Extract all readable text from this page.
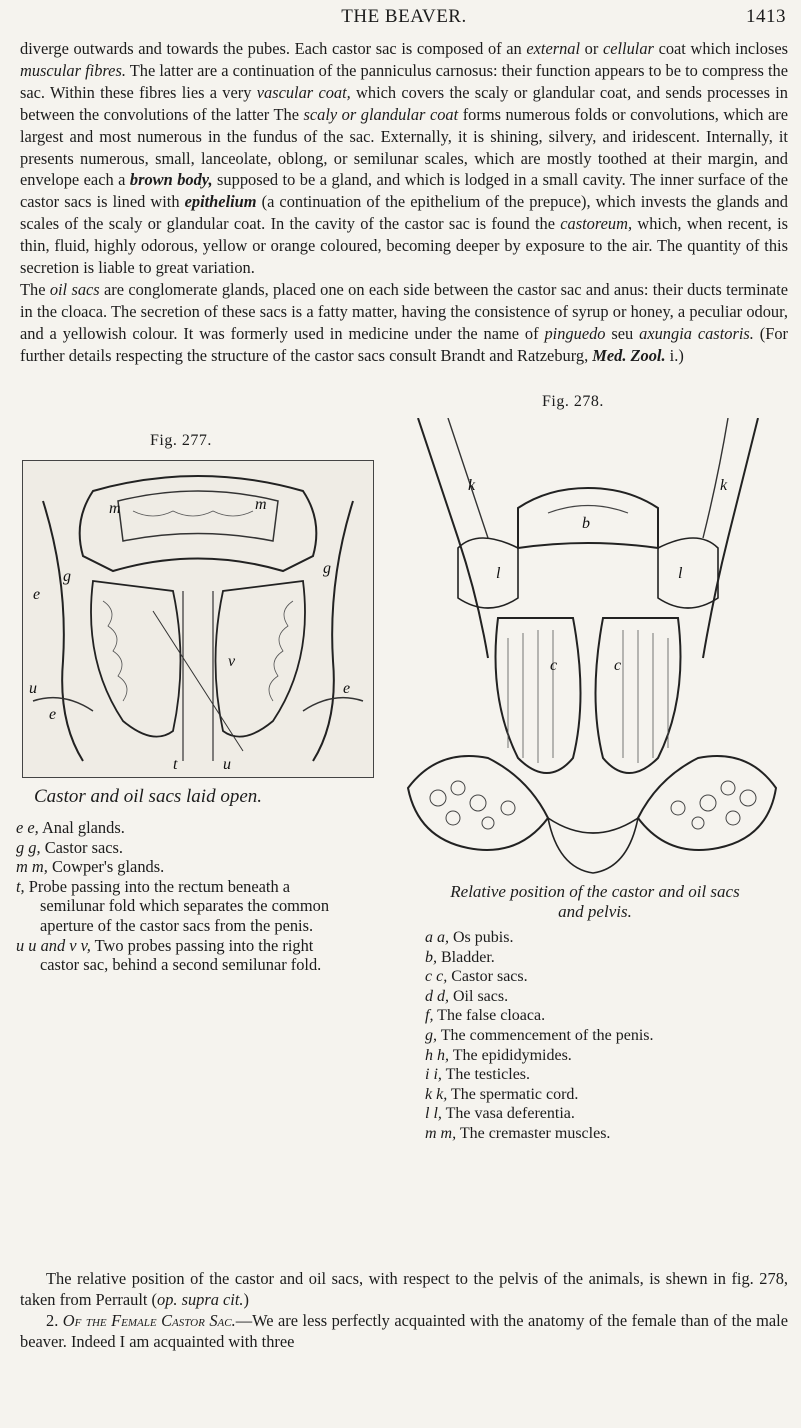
THE BEAVER.	1413

diverge outwards and towards the pubes. Each castor sac is composed of an external or cellular coat which incloses muscular fibres. The latter are a continuation of the panniculus carnosus: their function appears to be to compress the sac. Within these fibres lies a very vascular coat, which covers the scaly or glandular coat, and sends processes in between the convolutions of the latter The scaly or glandular coat forms numerous folds or convolutions, which are largest and most numerous in the fundus of the sac. Externally, it is shining, silvery, and iridescent. Internally, it presents numerous, small, lanceolate, oblong, or semilunar scales, which are mostly toothed at their margin, and envelope each a brown body, supposed to be a gland, and which is lodged in a small cavity. The inner surface of the castor sacs is lined with epithelium (a continuation of the epithelium of the prepuce), which invests the glands and scales of the scaly or glandular coat. In the cavity of the castor sac is found the castoreum, which, when recent, is thin, fluid, highly odorous, yellow or orange coloured, becoming deeper by exposure to the air. The quantity of this secretion is liable to great variation.

The oil sacs are conglomerate glands, placed one on each side between the castor sac and anus: their ducts terminate in the cloaca. The secretion of these sacs is a fatty matter, having the consistence of syrup or honey, a peculiar odour, and a yellowish colour. It was formerly used in medicine under the name of pinguedo seu axungia castoris. (For further details respecting the structure of the castor sacs consult Brandt and Ratzeburg, Med. Zool. i.)

Fig. 277.
m	m
g
e
g
v
e
u
e
t	u
Castor and oil sacs laid open.

e e, Anal glands.

g g, Castor sacs.

m m, Cowper's glands.

t, Probe passing into the rectum beneath a semilunar fold which separates the common aperture of the castor sacs from the penis.

u u and v v, Two probes passing into the right castor sac, behind a second semilunar fold.

Fig. 278.
k	k
b
l	l
c	c
Relative position of the castor and oil sacs
and pelvis.

a a, Os pubis.

b, Bladder.

c c, Castor sacs.

d d, Oil sacs.

f, The false cloaca.

g, The commencement of the penis.

h h, The epididymides.

i i, The testicles.

k k, The spermatic cord.

l l, The vasa deferentia.

m m, The cremaster muscles.

The relative position of the castor and oil sacs, with respect to the pelvis of the animals, is shewn in fig. 278, taken from Perrault (op. supra cit.)

2. Of the Female Castor Sac.—We are less perfectly acquainted with the anatomy of the female than of the male beaver. Indeed I am acquainted with three
